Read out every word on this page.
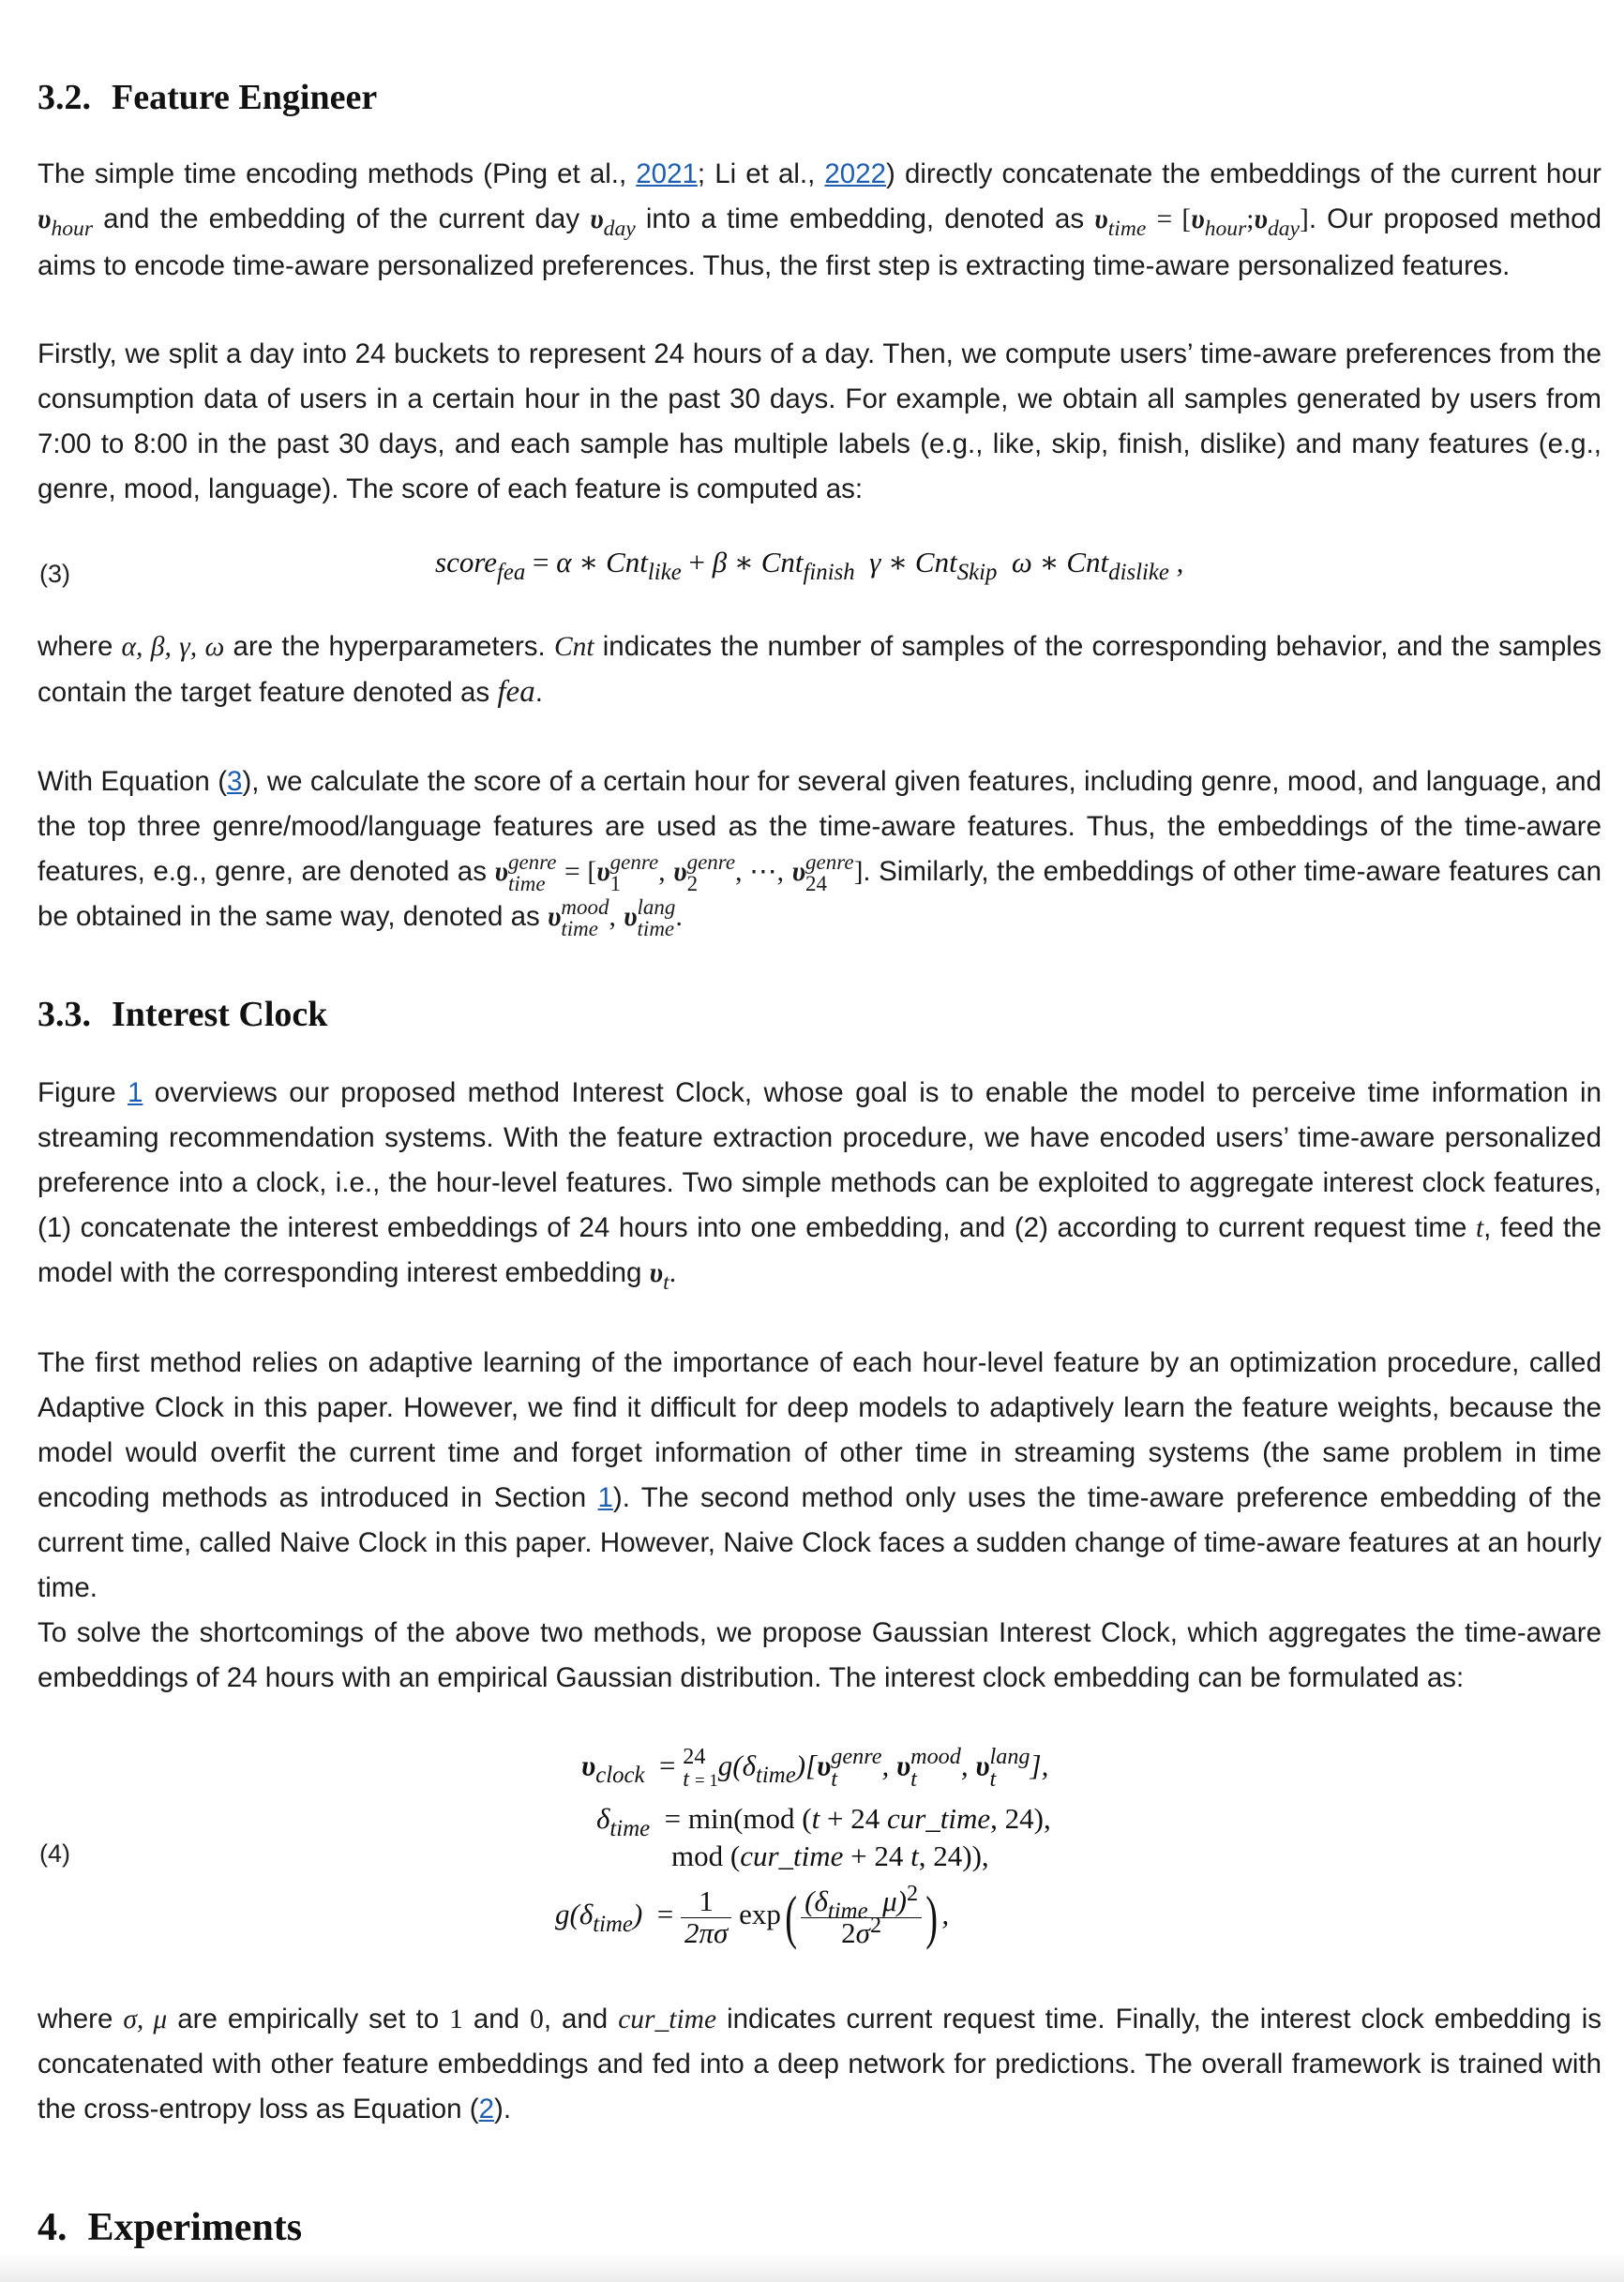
3.2. Feature Engineer

The simple time encoding methods (Ping et al., 2021; Li et al., 2022) directly concatenate the embeddings of the current hour $\upsilon_{hour}$ and the embedding of the current day $\upsilon_{day}$ into a time embedding, denoted as $\upsilon_{time}$ = $[\upsilon_{hour};\upsilon_{day}]$. Our proposed method aims to encode time-aware personalized preferences. Thus, the first step is extracting time-aware personalized features.

Firstly, we split a day into 24 buckets to represent 24 hours of a day. Then, we compute users’ time-aware preferences from the consumption data of users in a certain hour in the past 30 days. For example, we obtain all samples generated by users from 7:00 to 8:00 in the past 30 days, and each sample has multiple labels (e.g., like, skip, finish, dislike) and many features (e.g., genre, mood, language). The score of each feature is computed as:

(3)	score$_{fea}$ = α ∗ Cnt$_{like}$ + β ∗ Cnt$_{finish}$  γ ∗ Cnt$_{Skip}$  ω ∗ Cnt$_{dislike}$ ,

where α, β, γ, ω are the hyperparameters. Cnt indicates the number of samples of the corresponding behavior, and the samples contain the target feature denoted as fea.

With Equation (3), we calculate the score of a certain hour for several given features, including genre, mood, and language, and the top three genre/mood/language features are used as the time-aware features. Thus, the embeddings of the time-aware features, e.g., genre, are denoted as υ genre
time = [υ genre
1	, υ genre
2	, ⋯, υ genre
24 ]. Similarly, the embeddings of other time-aware features can be obtained in the same way, denoted as υ mood
time , υ lang
time .

3.3. Interest Clock

Figure 1 overviews our proposed method Interest Clock, whose goal is to enable the model to perceive time information in streaming recommendation systems. With the feature extraction procedure, we have encoded users’ time-aware personalized preference into a clock, i.e., the hour-level features. Two simple methods can be exploited to aggregate interest clock features, (1) concatenate the interest embeddings of 24 hours into one embedding, and (2) according to current request time t, feed the model with the corresponding interest embedding $\upsilon_t$.

The first method relies on adaptive learning of the importance of each hour-level feature by an optimization procedure, called Adaptive Clock in this paper. However, we find it difficult for deep models to adaptively learn the feature weights, because the model would overfit the current time and forget information of other time in streaming systems (the same problem in time encoding methods as introduced in Section 1). The second method only uses the time-aware preference embedding of the current time, called Naive Clock in this paper. However, Naive Clock faces a sudden change of time-aware features at an hourly time.

To solve the shortcomings of the above two methods, we propose Gaussian Interest Clock, which aggregates the time-aware embeddings of 24 hours with an empirical Gaussian distribution. The interest clock embedding can be formulated as:

(4)
$\upsilon_{clock} = 24$
t = 1 $g(\delta_{time})[\upsilon$ genre
t	, υ mood
t	, υ lang
t	],
$\delta_{time} = \min(mod$ (t + 24 cur_time, 24),
mod (cur_time + 24 t, 24)),
$g(\delta_{time}) = \frac{1}{2\pi\sigma} \exp( \frac{(\delta_{time} \mu)^2}{2\sigma^2}$ ) ,

where σ, μ are empirically set to 1 and 0, and cur_time indicates current request time. Finally, the interest clock embedding is concatenated with other feature embeddings and fed into a deep network for predictions. The overall framework is trained with the cross-entropy loss as Equation (2).

4. Experiments
